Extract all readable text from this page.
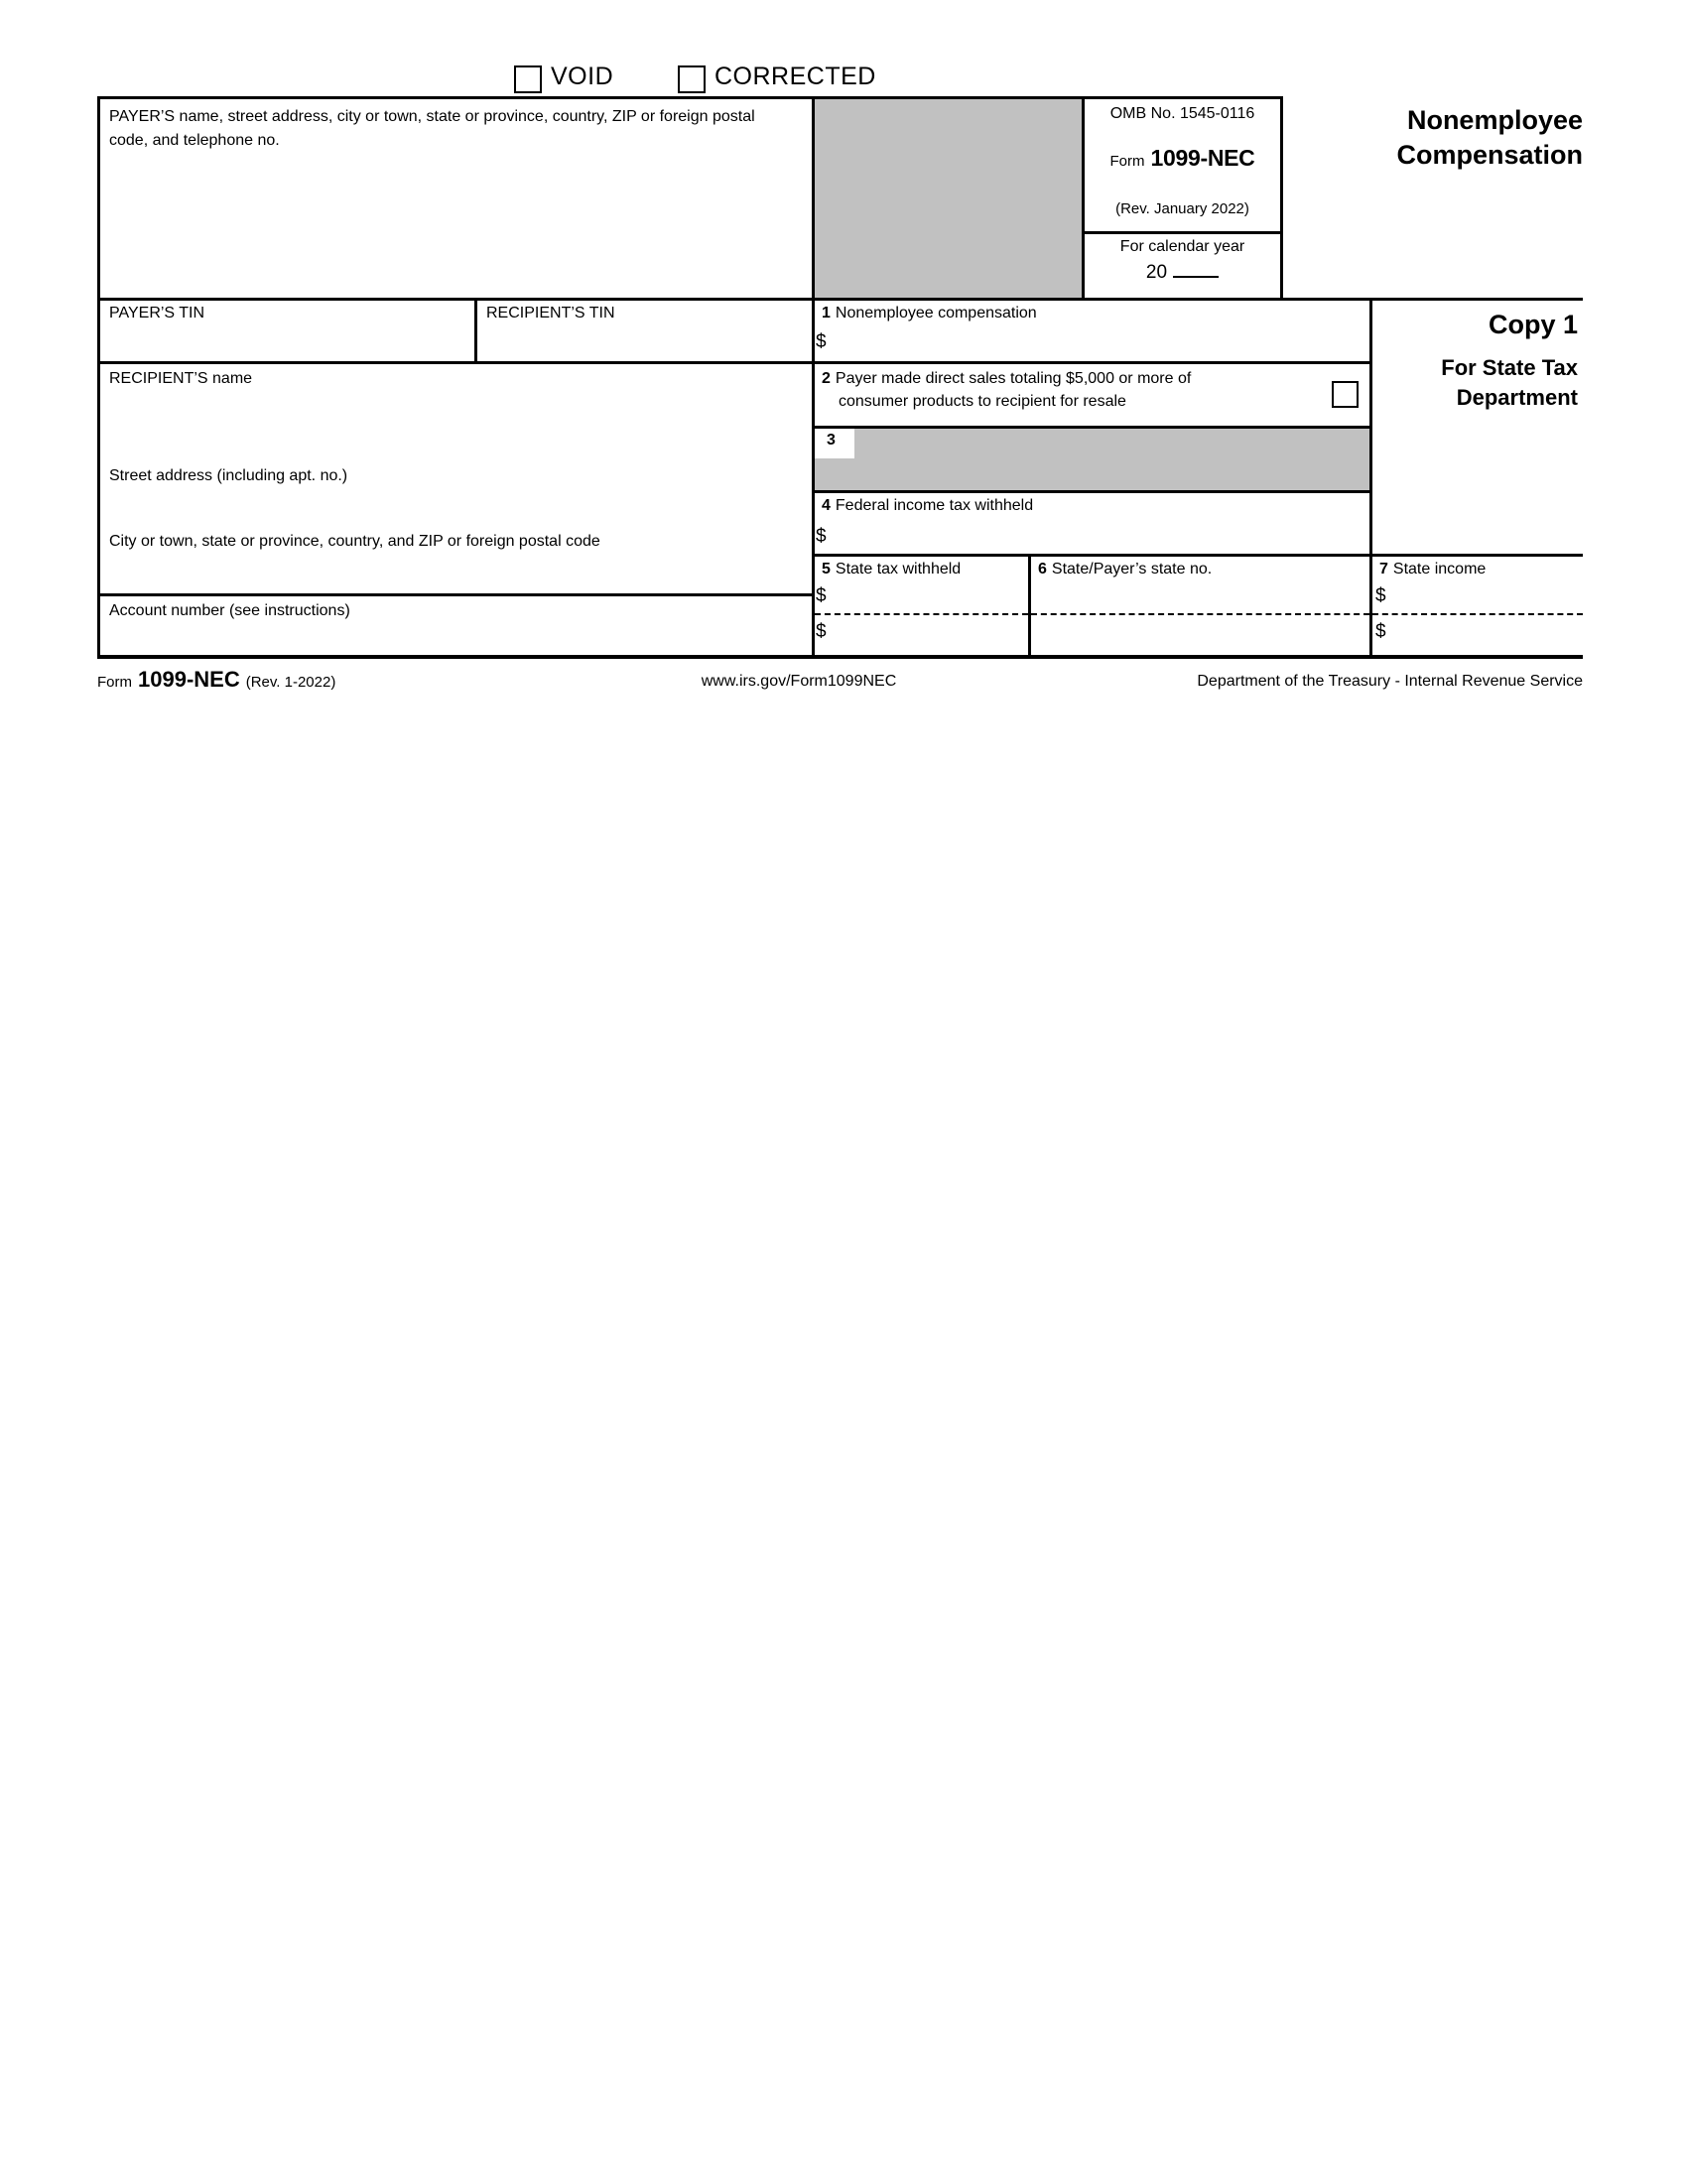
VOID	CORRECTED
3
PAYER’S name, street address, city or town, state or province, country, ZIP or foreign postal code, and telephone no.
OMB No. 1545-0116
Form 1099-NEC
(Rev. January 2022)
For calendar year
20
Nonemployee
Compensation
Copy 1
For State Tax
Department
PAYER’S TIN	RECIPIENT’S TIN
RECIPIENT’S name
Street address (including apt. no.)
City or town, state or province, country, and ZIP or foreign postal code
Account number (see instructions)
1 Nonemployee compensation
$
2 Payer made direct sales totaling $5,000 or more of
consumer products to recipient for resale
4 Federal income tax withheld
$
5 State tax withheld
$
$
6 State/Payer’s state no.	7 State income
$
$
Form 1099-NEC (Rev. 1-2022)	www.irs.gov/Form1099NEC	Department of the Treasury - Internal Revenue Service
